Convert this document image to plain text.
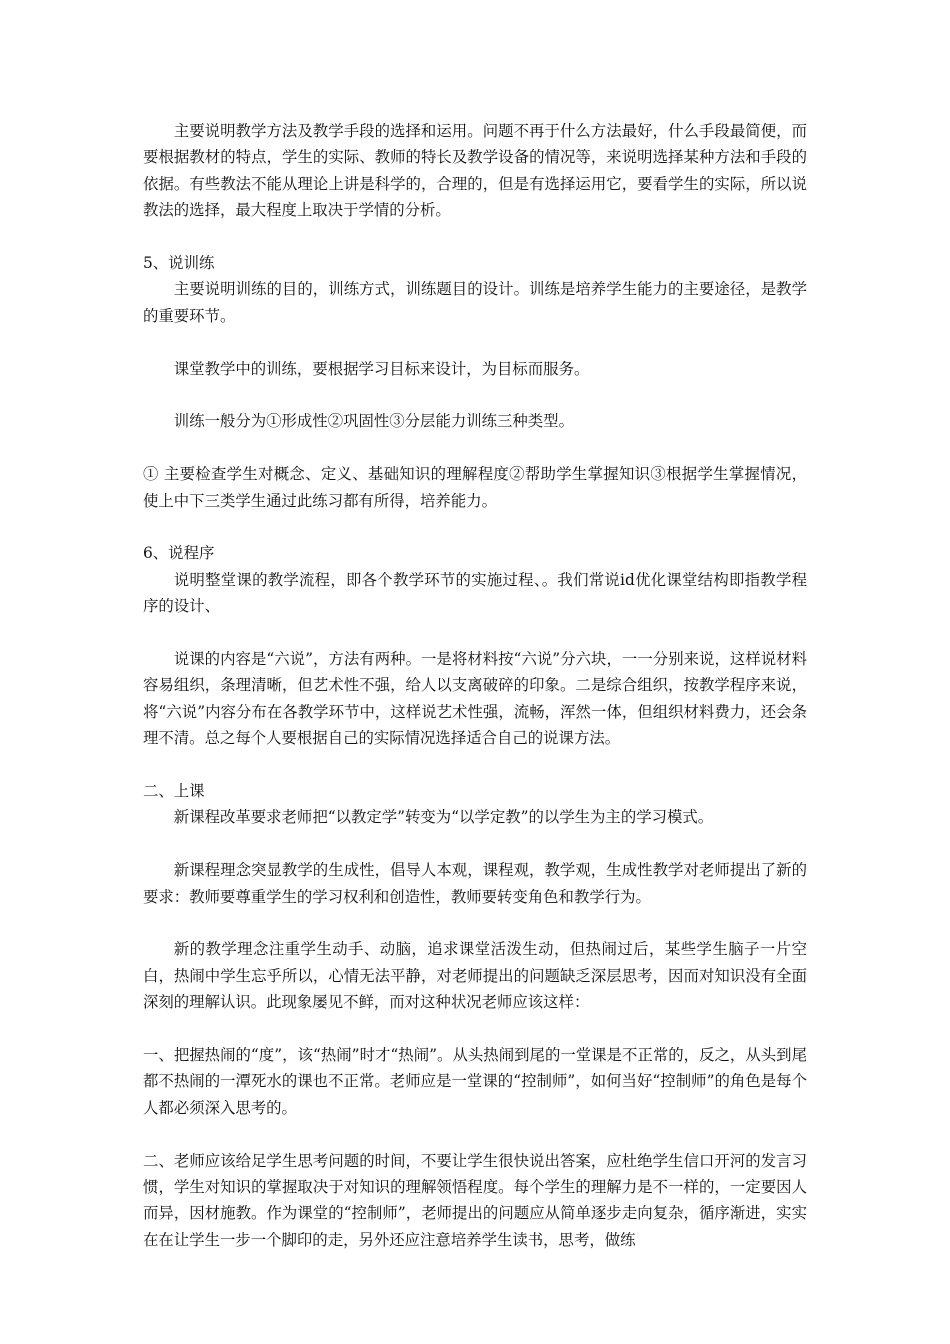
主要说明教学方法及教学手段的选择和运用。问题不再于什么方法最好，什么手段最简便，而要根据教材的特点，学生的实际、教师的特长及教学设备的情况等，来说明选择某种方法和手段的依据。有些教法不能从理论上讲是科学的，合理的，但是有选择运用它，要看学生的实际，所以说教法的选择，最大程度上取决于学情的分析。

5、说训练

主要说明训练的目的，训练方式，训练题目的设计。训练是培养学生能力的主要途径，是教学的重要环节。

课堂教学中的训练，要根据学习目标来设计，为目标而服务。

训练一般分为①形成性②巩固性③分层能力训练三种类型。

① 主要检查学生对概念、定义、基础知识的理解程度②帮助学生掌握知识③根据学生掌握情况，使上中下三类学生通过此练习都有所得，培养能力。

6、说程序

说明整堂课的教学流程，即各个教学环节的实施过程、。我们常说id优化课堂结构即指教学程序的设计、

说课的内容是“六说”，方法有两种。一是将材料按“六说”分六块，一一分别来说，这样说材料容易组织，条理清晰，但艺术性不强，给人以支离破碎的印象。二是综合组织，按教学程序来说，将“六说”内容分布在各教学环节中，这样说艺术性强，流畅，浑然一体，但组织材料费力，还会条理不清。总之每个人要根据自己的实际情况选择适合自己的说课方法。

二、上课

新课程改革要求老师把“以教定学”转变为“以学定教”的以学生为主的学习模式。

新课程理念突显教学的生成性，倡导人本观，课程观，教学观，生成性教学对老师提出了新的要求：教师要尊重学生的学习权利和创造性，教师要转变角色和教学行为。

新的教学理念注重学生动手、动脑，追求课堂活泼生动，但热闹过后，某些学生脑子一片空白，热闹中学生忘乎所以，心情无法平静，对老师提出的问题缺乏深层思考，因而对知识没有全面深刻的理解认识。此现象屡见不鲜，而对这种状况老师应该这样：

一、把握热闹的“度”，该“热闹”时才“热闹”。从头热闹到尾的一堂课是不正常的，反之，从头到尾都不热闹的一潭死水的课也不正常。老师应是一堂课的“控制师”，如何当好“控制师”的角色是每个人都必须深入思考的。

二、老师应该给足学生思考问题的时间，不要让学生很快说出答案，应杜绝学生信口开河的发言习惯，学生对知识的掌握取决于对知识的理解领悟程度。每个学生的理解力是不一样的，一定要因人而异，因材施教。作为课堂的“控制师”，老师提出的问题应从简单逐步走向复杂，循序渐进，实实在在让学生一步一个脚印的走，另外还应注意培养学生读书，思考，做练
